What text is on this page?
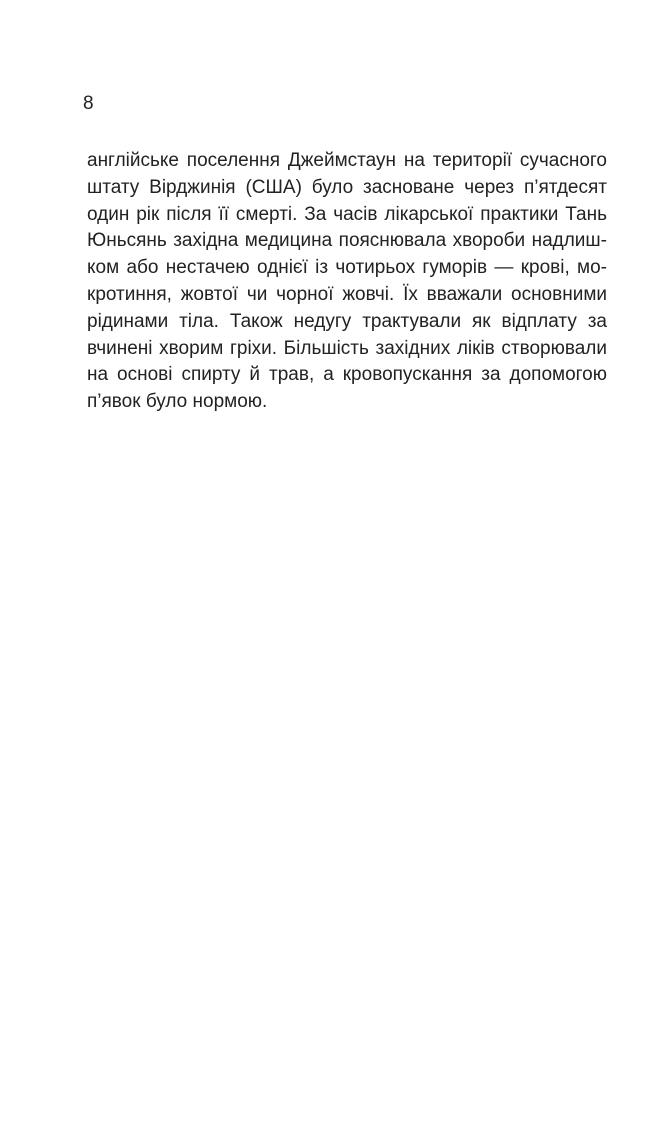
8
англійське поселення Джеймстаун на території сучасного
штату Вірджинія (США) було засноване через п’ятдесят
один рік після її смерті. За часів лікарської практики Тань
Юньсянь західна медицина пояснювала хвороби надлиш-
ком або нестачею однієї із чотирьох гуморів — крові, мо-
кротиння, жовтої чи чорної жовчі. Їх вважали основними
рідинами тіла. Також недугу трактували як відплату за
вчинені хворим гріхи. Більшість західних ліків створювали
на основі спирту й трав, а кровопускання за допомогою
п’явок було нормою.
